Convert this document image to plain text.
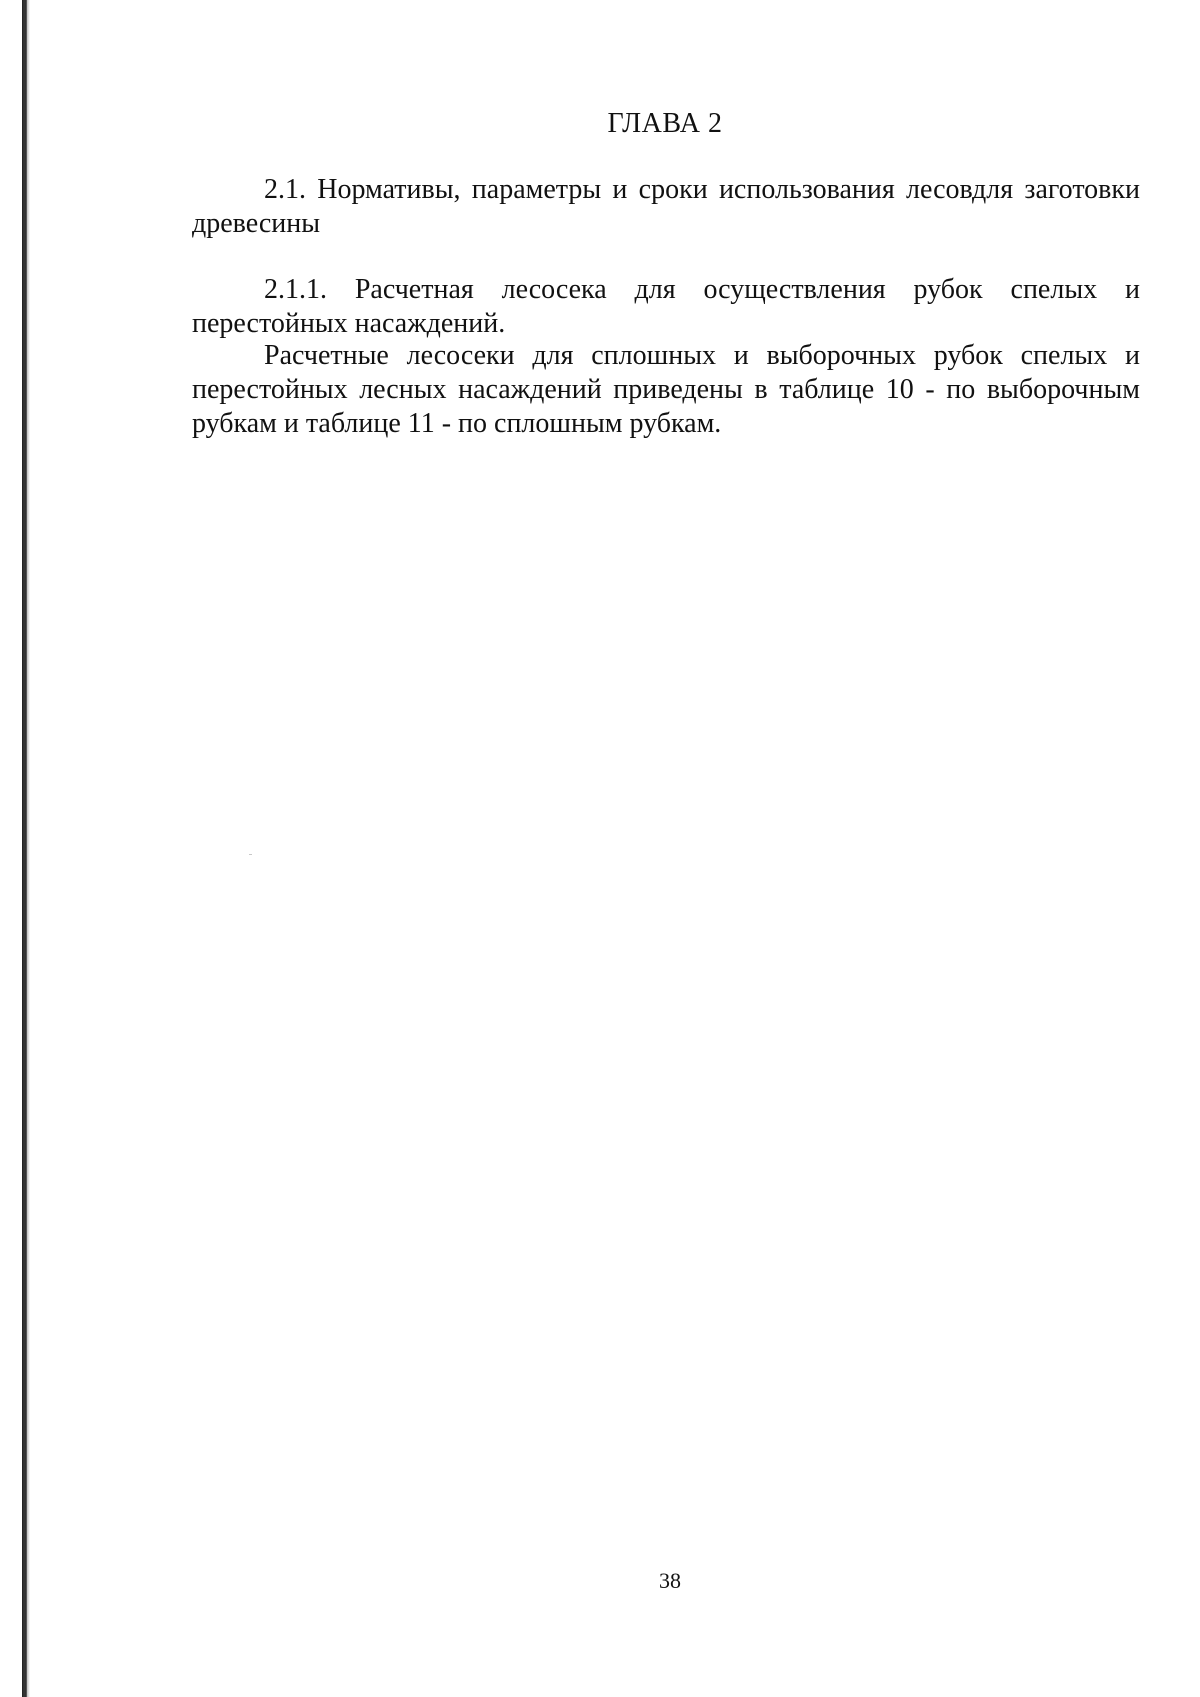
ГЛАВА 2

2.1. Нормативы, параметры и сроки использования лесовдля заготовки древесины

2.1.1. Расчетная лесосека для осуществления рубок спелых и перестойных насаждений.

Расчетные лесосеки для сплошных и выборочных рубок спелых и перестойных лесных насаждений приведены в таблице 10 - по выборочным рубкам и таблице 11 - по сплошным рубкам.

38
